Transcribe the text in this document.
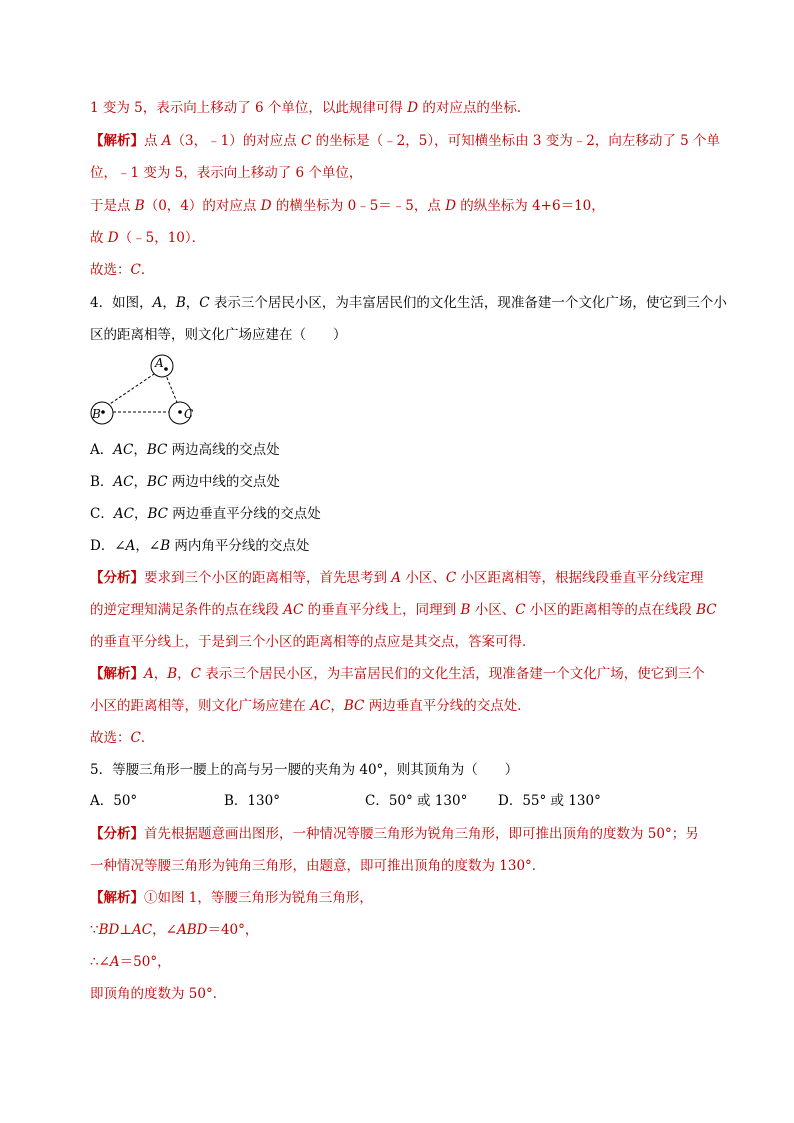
1 变为 5，表示向上移动了 6 个单位，以此规律可得 D 的对应点的坐标．
【解析】点 A（3，﹣1）的对应点 C 的坐标是（﹣2，5），可知横坐标由 3 变为﹣2，向左移动了 5 个单
位，﹣1 变为 5，表示向上移动了 6 个单位，
于是点 B（0，4）的对应点 D 的横坐标为 0﹣5＝﹣5，点 D 的纵坐标为 4+6＝10，
故 D（﹣5，10）．
故选：C．
4．如图，A，B，C 表示三个居民小区，为丰富居民们的文化生活，现准备建一个文化广场，使它到三个小
区的距离相等，则文化广场应建在（　　）
A
B	C
A．AC，BC 两边高线的交点处
B．AC，BC 两边中线的交点处
C．AC，BC 两边垂直平分线的交点处
D．∠A，∠B 两内角平分线的交点处
【分析】要求到三个小区的距离相等，首先思考到 A 小区、C 小区距离相等，根据线段垂直平分线定理
的逆定理知满足条件的点在线段 AC 的垂直平分线上，同理到 B 小区、C 小区的距离相等的点在线段 BC
的垂直平分线上，于是到三个小区的距离相等的点应是其交点，答案可得．
【解析】A，B，C 表示三个居民小区，为丰富居民们的文化生活，现准备建一个文化广场，使它到三个
小区的距离相等，则文化广场应建在 AC，BC 两边垂直平分线的交点处．
故选：C．
5．等腰三角形一腰上的高与另一腰的夹角为 40°，则其顶角为（　　）
A．50°	B．130°	C．50° 或 130° D．55° 或 130°
【分析】首先根据题意画出图形，一种情况等腰三角形为锐角三角形，即可推出顶角的度数为 50°；另
一种情况等腰三角形为钝角三角形，由题意，即可推出顶角的度数为 130°．
【解析】①如图 1，等腰三角形为锐角三角形，
∵BD⊥AC，∠ABD＝40°，
∴∠A＝50°，
即顶角的度数为 50°．
